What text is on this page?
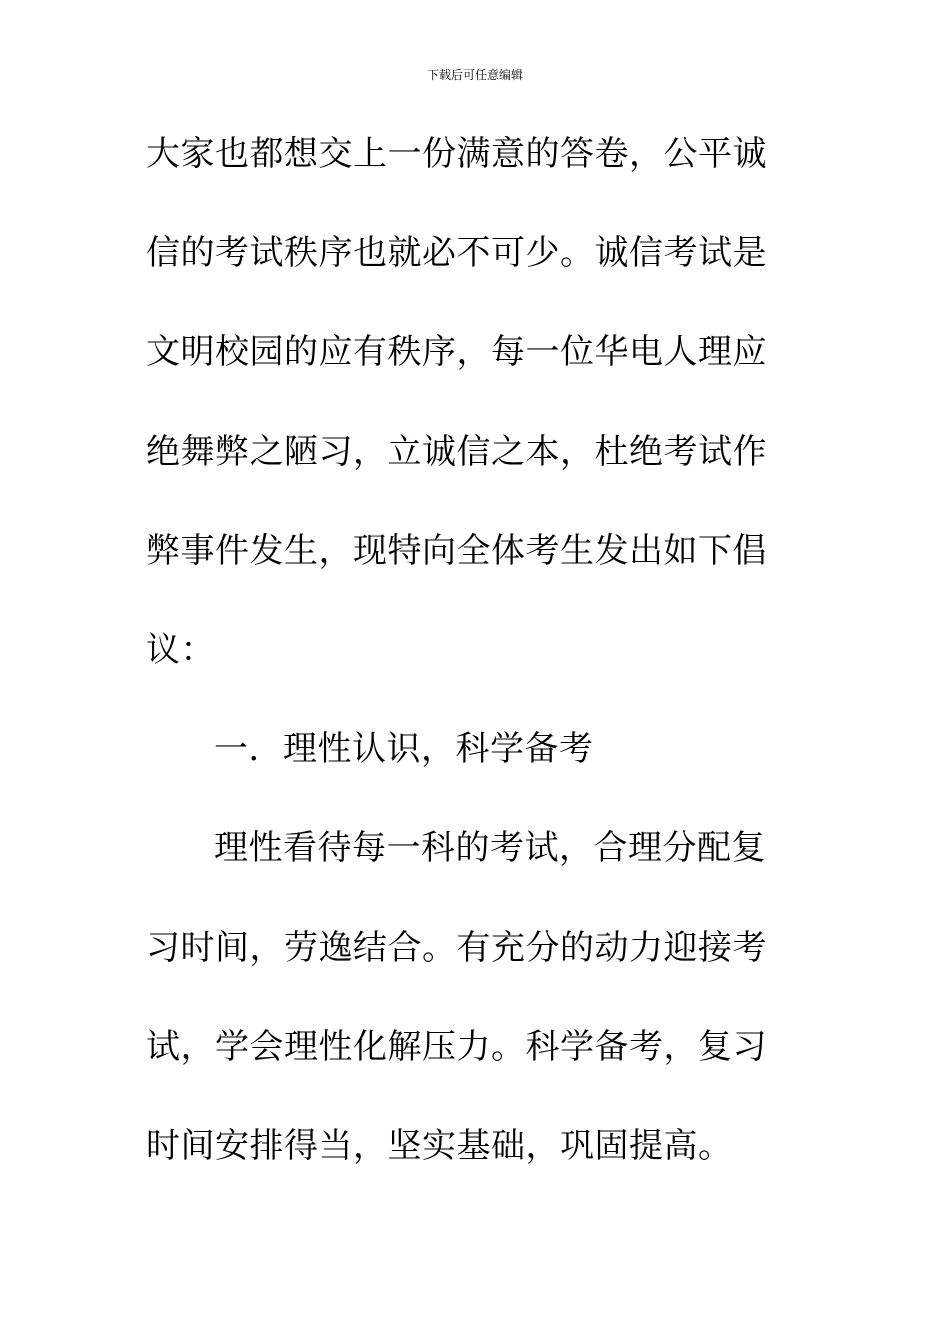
下载后可任意编辑
大家也都想交上一份满意的答卷，公平诚
信的考试秩序也就必不可少。诚信考试是
文明校园的应有秩序，每一位华电人理应
绝舞弊之陋习，立诚信之本，杜绝考试作
弊事件发生，现特向全体考生发出如下倡
议：
一．理性认识，科学备考
理性看待每一科的考试，合理分配复
习时间，劳逸结合。有充分的动力迎接考
试，学会理性化解压力。科学备考，复习
时间安排得当，坚实基础，巩固提高。
